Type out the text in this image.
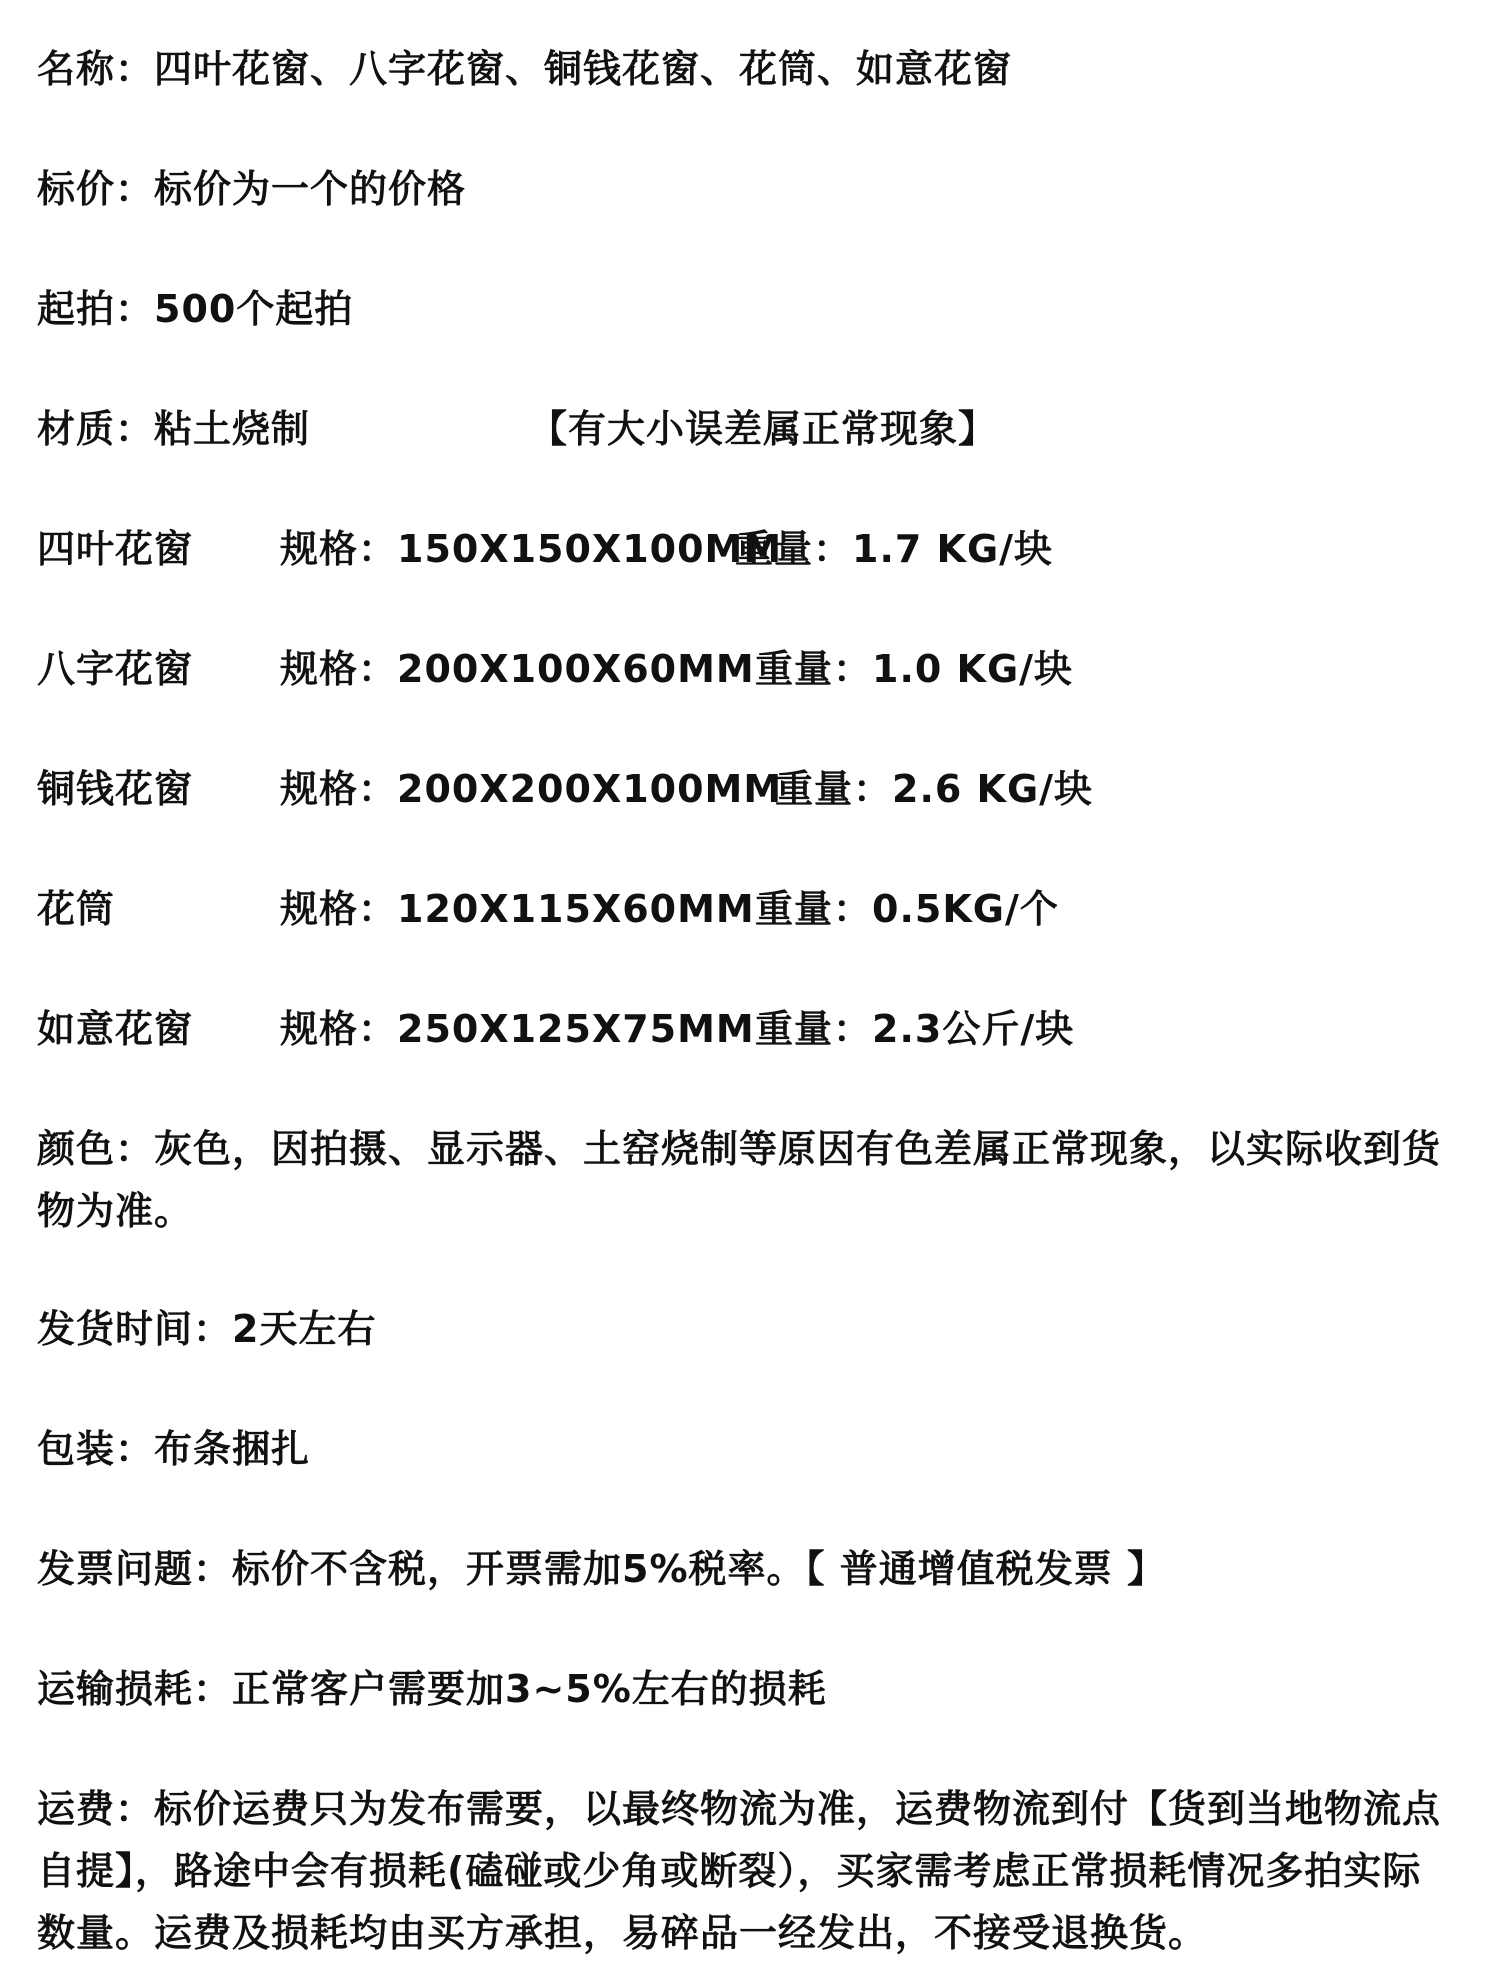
名称：四叶花窗、八字花窗、铜钱花窗、花筒、如意花窗
标价：标价为一个的价格
起拍：500个起拍
材质：粘土烧制	【有大小误差属正常现象】
四叶花窗 规格：150X150X100MM
重量：1.7 KG/块
八字花窗 规格：200X100X60MM 重量：1.0 KG/块
铜钱花窗 规格：200X200X100MM
重量：2.6 KG/块
花筒	规格：120X115X60MM 重量：0.5KG/个
如意花窗 规格：250X125X75MM 重量：2.3公斤/块
颜色：灰色，因拍摄、显示器、土窑烧制等原因有色差属正常现象，以实际收到货物为准。
发货时间：2天左右
包装：布条捆扎
发票问题：标价不含税，开票需加5%税率。【 普通增值税发票 】
运输损耗：正常客户需要加3~5%左右的损耗
运费：标价运费只为发布需要，以最终物流为准，运费物流到付【货到当地物流点自提】，路途中会有损耗(磕碰或少角或断裂），买家需考虑正常损耗情况多拍实际数量。运费及损耗均由买方承担，易碎品一经发出，不接受退换货。
